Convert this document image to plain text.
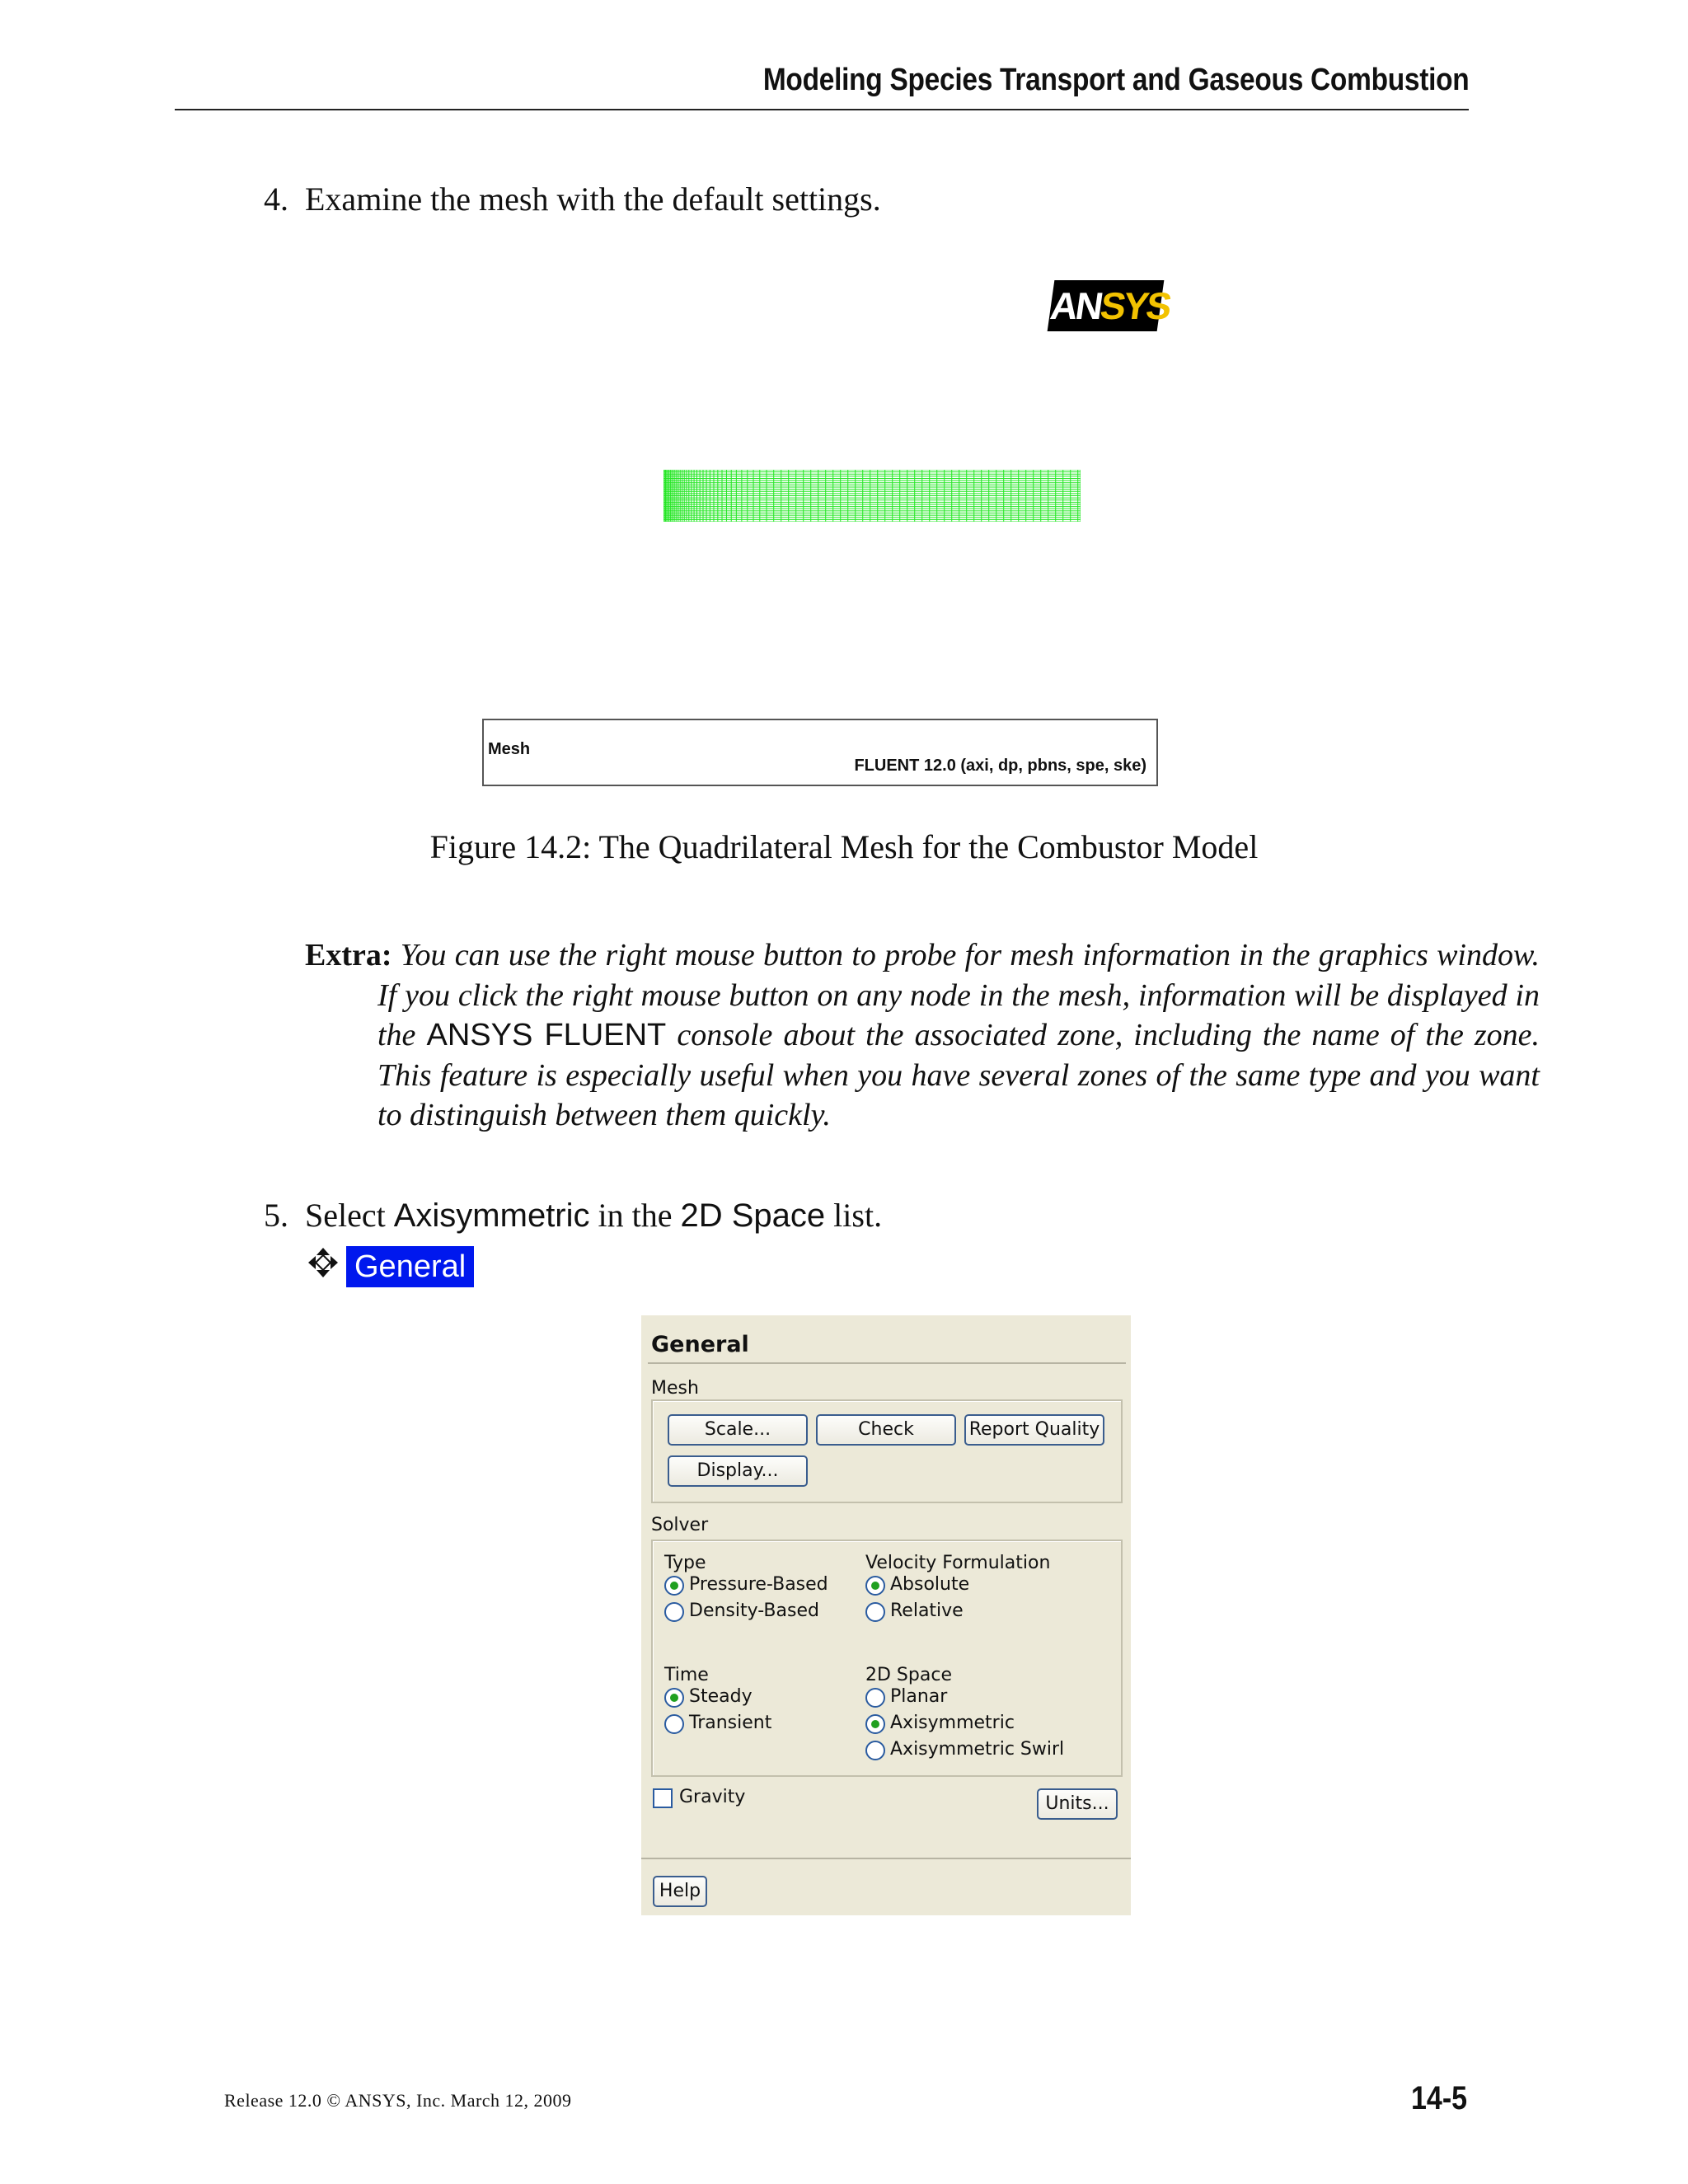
Modeling Species Transport and Gaseous Combustion
4. Examine the mesh with the default settings.
ANSYS
Mesh
FLUENT 12.0 (axi, dp, pbns, spe, ske)
Figure 14.2: The Quadrilateral Mesh for the Combustor Model
Extra: You can use the right mouse button to probe for mesh information in the graphics window. If you click the right mouse button on any node in the mesh, information will be displayed in the ANSYS FLUENT console about the associated zone, including the name of the zone. This feature is especially useful when you have several zones of the same type and you want to distinguish between them quickly.
5. Select Axisymmetric in the 2D Space list.
General
General
Mesh
Scale...	Check	Report Quality
Display...
Solver
Type
Pressure-Based
Density-Based
Velocity Formulation
Absolute
Relative
Time
Steady
Transient
2D Space
Planar
Axisymmetric
Axisymmetric Swirl
Gravity	Units...
Help
Release 12.0 © ANSYS, Inc. March 12, 2009	14-5
